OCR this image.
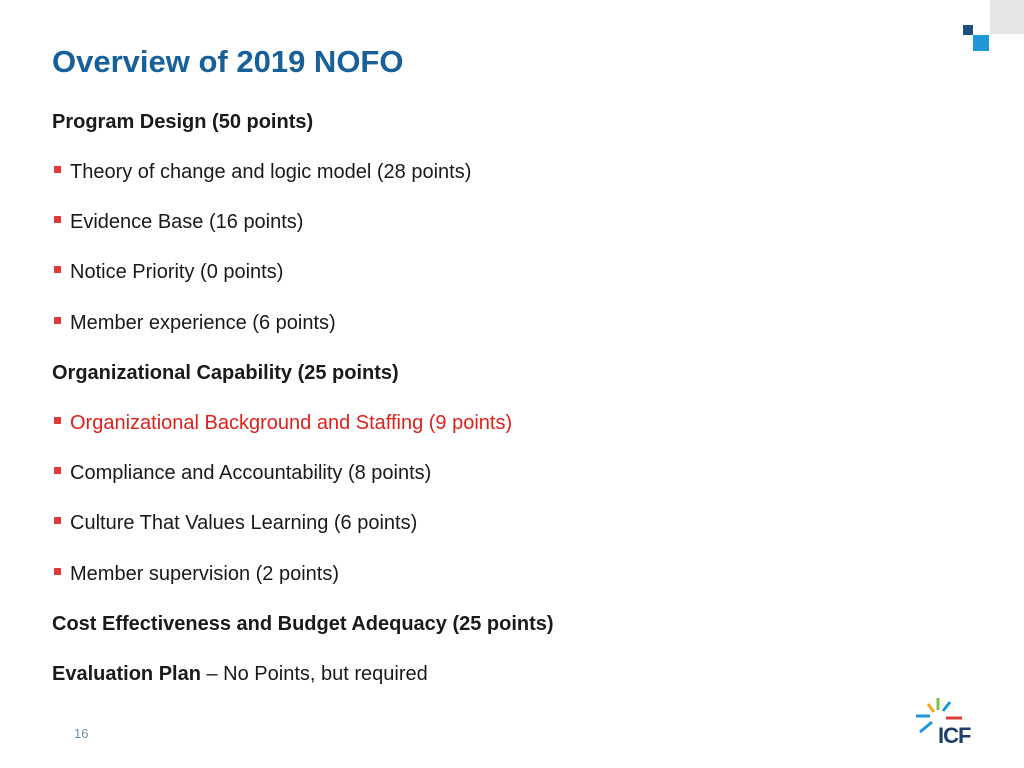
Overview of 2019 NOFO
Program Design (50 points)
Theory of change and logic model (28 points)
Evidence Base (16 points)
Notice Priority (0 points)
Member experience (6 points)
Organizational Capability (25 points)
Organizational Background and Staffing (9 points)
Compliance and Accountability (8 points)
Culture That Values Learning (6 points)
Member supervision (2 points)
Cost Effectiveness and Budget Adequacy (25 points)
Evaluation Plan – No Points, but required
16	ICF
